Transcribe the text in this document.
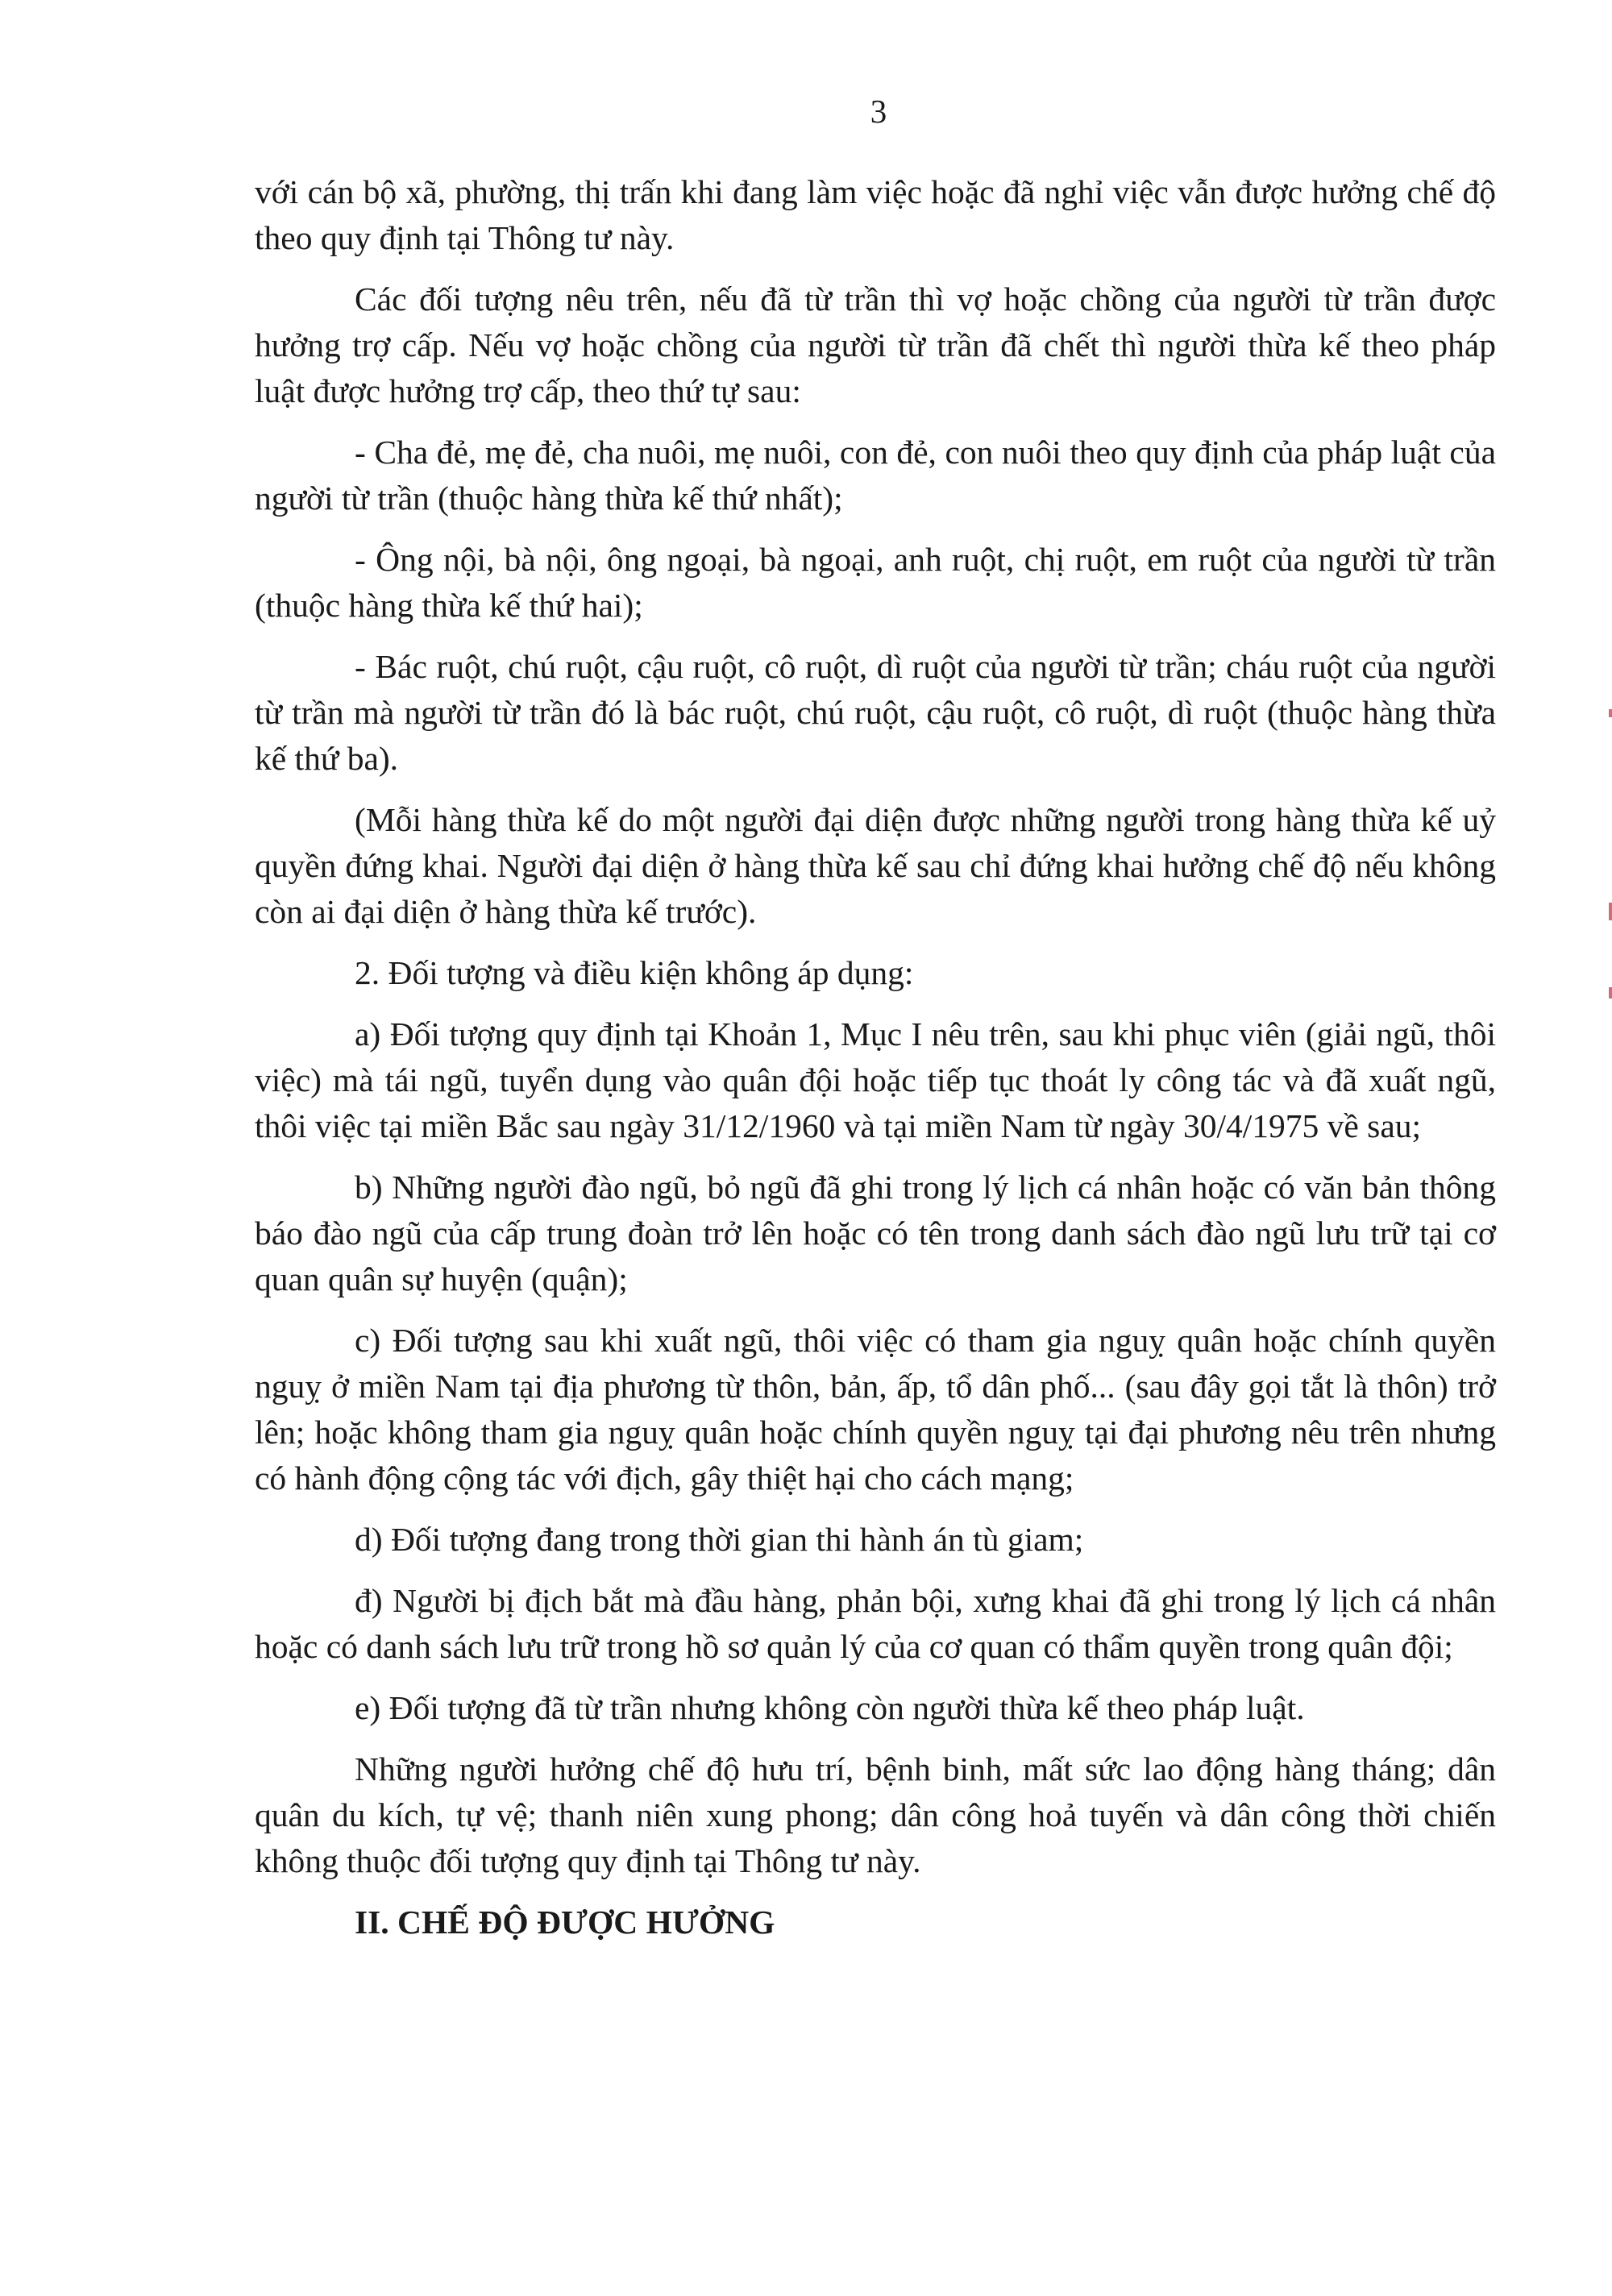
3

với cán bộ xã, phường, thị trấn khi đang làm việc hoặc đã nghỉ việc vẫn được hưởng chế độ theo quy định tại Thông tư này.

Các đối tượng nêu trên, nếu đã từ trần thì vợ hoặc chồng của người từ trần được hưởng trợ cấp. Nếu vợ hoặc chồng của người từ trần đã chết thì người thừa kế theo pháp luật được hưởng trợ cấp, theo thứ tự sau:

- Cha đẻ, mẹ đẻ, cha nuôi, mẹ nuôi, con đẻ, con nuôi theo quy định của pháp luật của người từ trần (thuộc hàng thừa kế thứ nhất);

- Ông nội, bà nội, ông ngoại, bà ngoại, anh ruột, chị ruột, em ruột của người từ trần (thuộc hàng thừa kế thứ hai);

- Bác ruột, chú ruột, cậu ruột, cô ruột, dì ruột của người từ trần; cháu ruột của người từ trần mà người từ trần đó là bác ruột, chú ruột, cậu ruột, cô ruột, dì ruột (thuộc hàng thừa kế thứ ba).

(Mỗi hàng thừa kế do một người đại diện được những người trong hàng thừa kế uỷ quyền đứng khai. Người đại diện ở hàng thừa kế sau chỉ đứng khai hưởng chế độ nếu không còn ai đại diện ở hàng thừa kế trước).

2. Đối tượng và điều kiện không áp dụng:

a) Đối tượng quy định tại Khoản 1, Mục I nêu trên, sau khi phục viên (giải ngũ, thôi việc) mà tái ngũ, tuyển dụng vào quân đội hoặc tiếp tục thoát ly công tác và đã xuất ngũ, thôi việc tại miền Bắc sau ngày 31/12/1960 và tại miền Nam từ ngày 30/4/1975 về sau;

b) Những người đào ngũ, bỏ ngũ đã ghi trong lý lịch cá nhân hoặc có văn bản thông báo đào ngũ của cấp trung đoàn trở lên hoặc có tên trong danh sách đào ngũ lưu trữ tại cơ quan quân sự huyện (quận);

c) Đối tượng sau khi xuất ngũ, thôi việc có tham gia nguỵ quân hoặc chính quyền nguỵ ở miền Nam tại địa phương từ thôn, bản, ấp, tổ dân phố... (sau đây gọi tắt là thôn) trở lên; hoặc không tham gia nguỵ quân hoặc chính quyền nguỵ tại đại phương nêu trên nhưng có hành động cộng tác với địch, gây thiệt hại cho cách mạng;

d) Đối tượng đang trong thời gian thi hành án tù giam;

đ) Người bị địch bắt mà đầu hàng, phản bội, xưng khai đã ghi trong lý lịch cá nhân hoặc có danh sách lưu trữ trong hồ sơ quản lý của cơ quan có thẩm quyền trong quân đội;

e) Đối tượng đã từ trần nhưng không còn người thừa kế theo pháp luật.

Những người hưởng chế độ hưu trí, bệnh binh, mất sức lao động hàng tháng; dân quân du kích, tự vệ; thanh niên xung phong; dân công hoả tuyến và dân công thời chiến không thuộc đối tượng quy định tại Thông tư này.

II. CHẾ ĐỘ ĐƯỢC HƯỞNG
